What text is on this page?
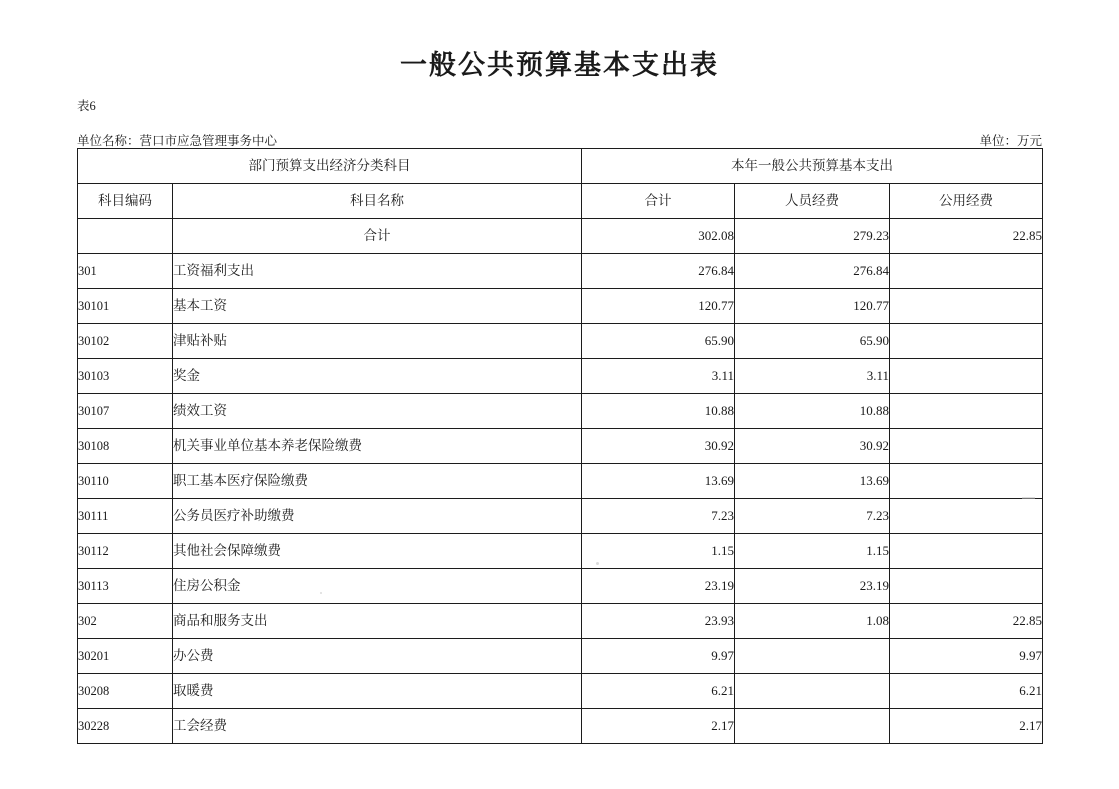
一般公共预算基本支出表
表6
单位名称：营口市应急管理事务中心	单位：万元
部门预算支出经济分类科目		本年一般公共预算基本支出		
科目编码	科目名称	合计	人员经费	公用经费
	合计	302.08	279.23	22.85
301	工资福利支出	276.84	276.84	
30101	基本工资	120.77	120.77	
30102	津贴补贴	65.90	65.90	
30103	奖金	3.11	3.11	
30107	绩效工资	10.88	10.88	
30108	机关事业单位基本养老保险缴费	30.92	30.92	
30110	职工基本医疗保险缴费	13.69	13.69	
30111	公务员医疗补助缴费	7.23	7.23	
30112	其他社会保障缴费	1.15	1.15	
30113	住房公积金	23.19	23.19	
302	商品和服务支出	23.93	1.08	22.85
30201	办公费	9.97		9.97
30208	取暖费	6.21		6.21
30228	工会经费	2.17		2.17
